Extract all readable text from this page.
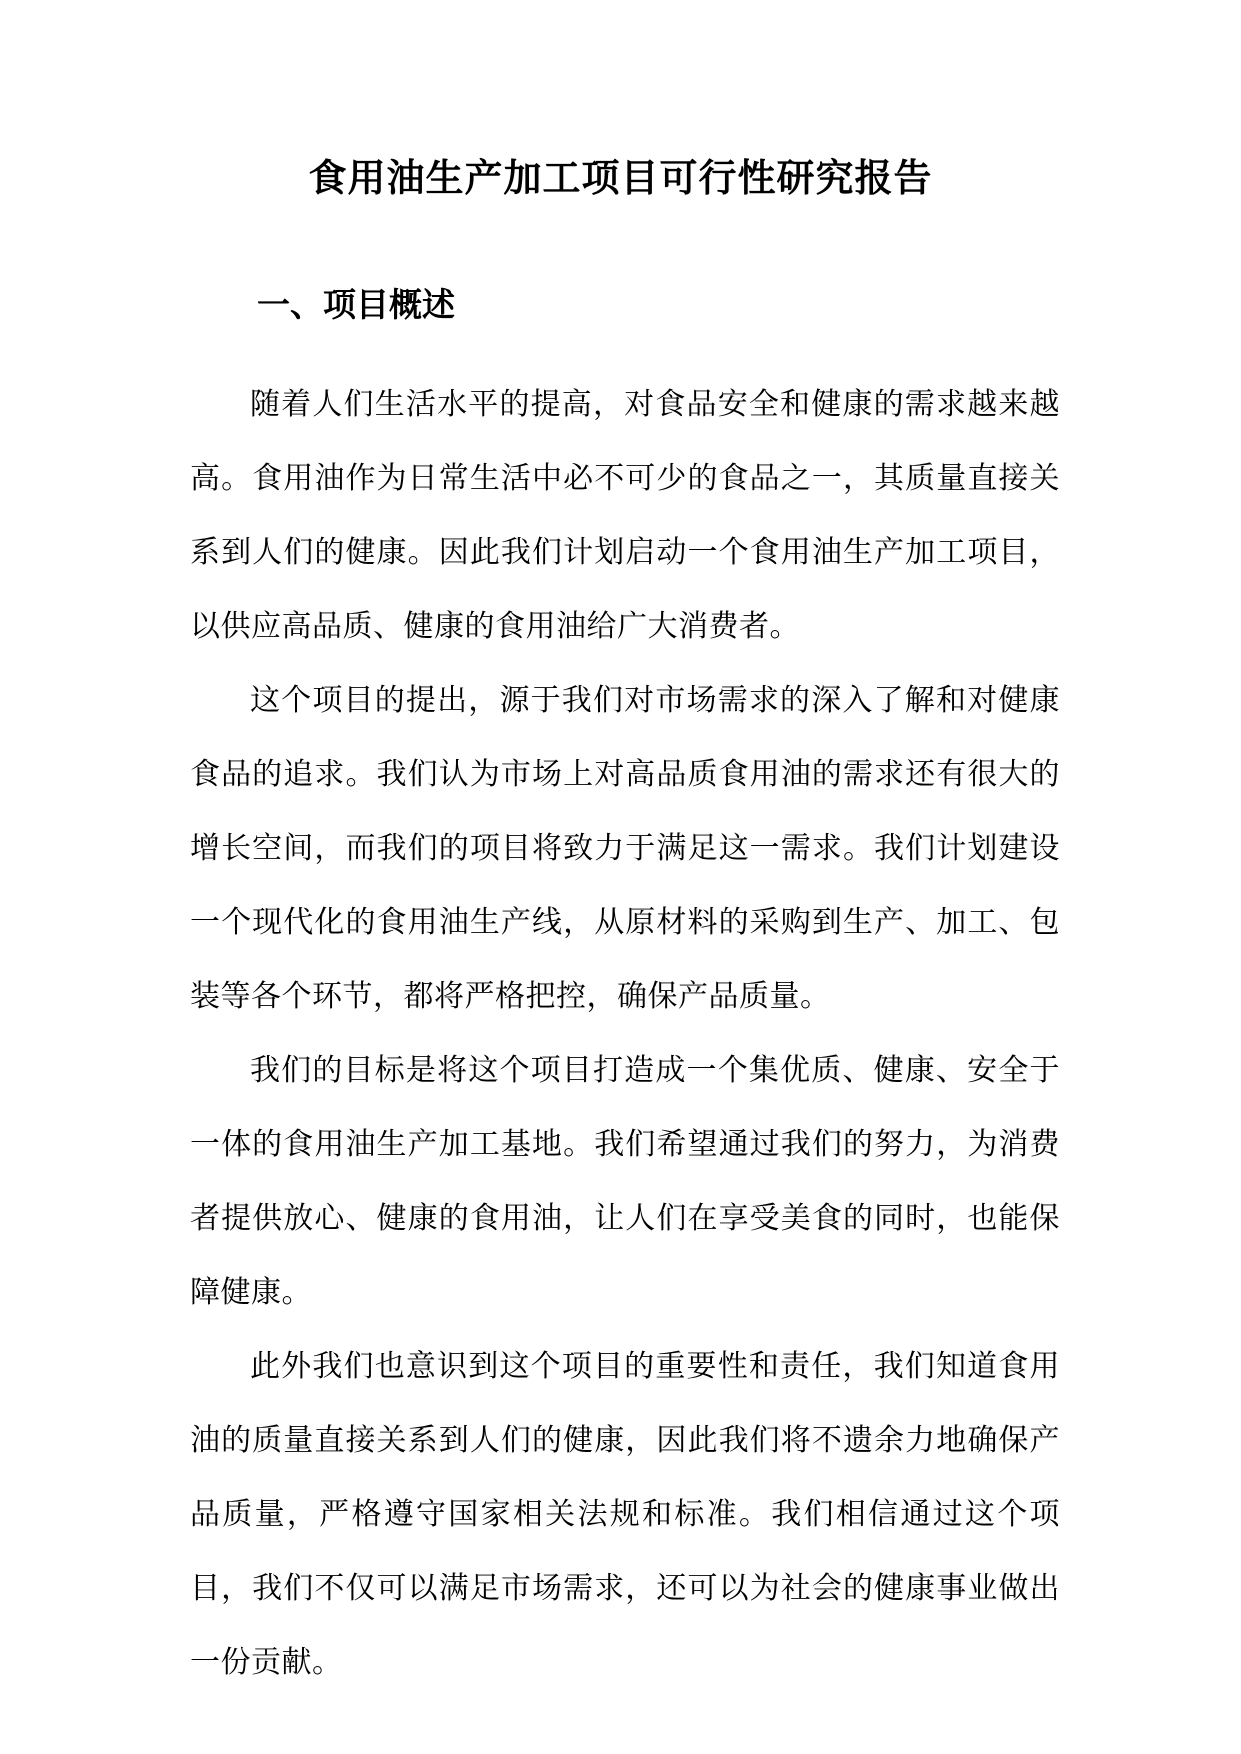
食用油生产加工项目可行性研究报告
一、项目概述

随着人们生活水平的提高，对食品安全和健康的需求越来越高。食用油作为日常生活中必不可少的食品之一，其质量直接关系到人们的健康。因此我们计划启动一个食用油生产加工项目，以供应高品质、健康的食用油给广大消费者。

这个项目的提出，源于我们对市场需求的深入了解和对健康食品的追求。我们认为市场上对高品质食用油的需求还有很大的增长空间，而我们的项目将致力于满足这一需求。我们计划建设一个现代化的食用油生产线，从原材料的采购到生产、加工、包装等各个环节，都将严格把控，确保产品质量。

我们的目标是将这个项目打造成一个集优质、健康、安全于一体的食用油生产加工基地。我们希望通过我们的努力，为消费者提供放心、健康的食用油，让人们在享受美食的同时，也能保障健康。

此外我们也意识到这个项目的重要性和责任，我们知道食用油的质量直接关系到人们的健康，因此我们将不遗余力地确保产品质量，严格遵守国家相关法规和标准。我们相信通过这个项目，我们不仅可以满足市场需求，还可以为社会的健康事业做出一份贡献。
